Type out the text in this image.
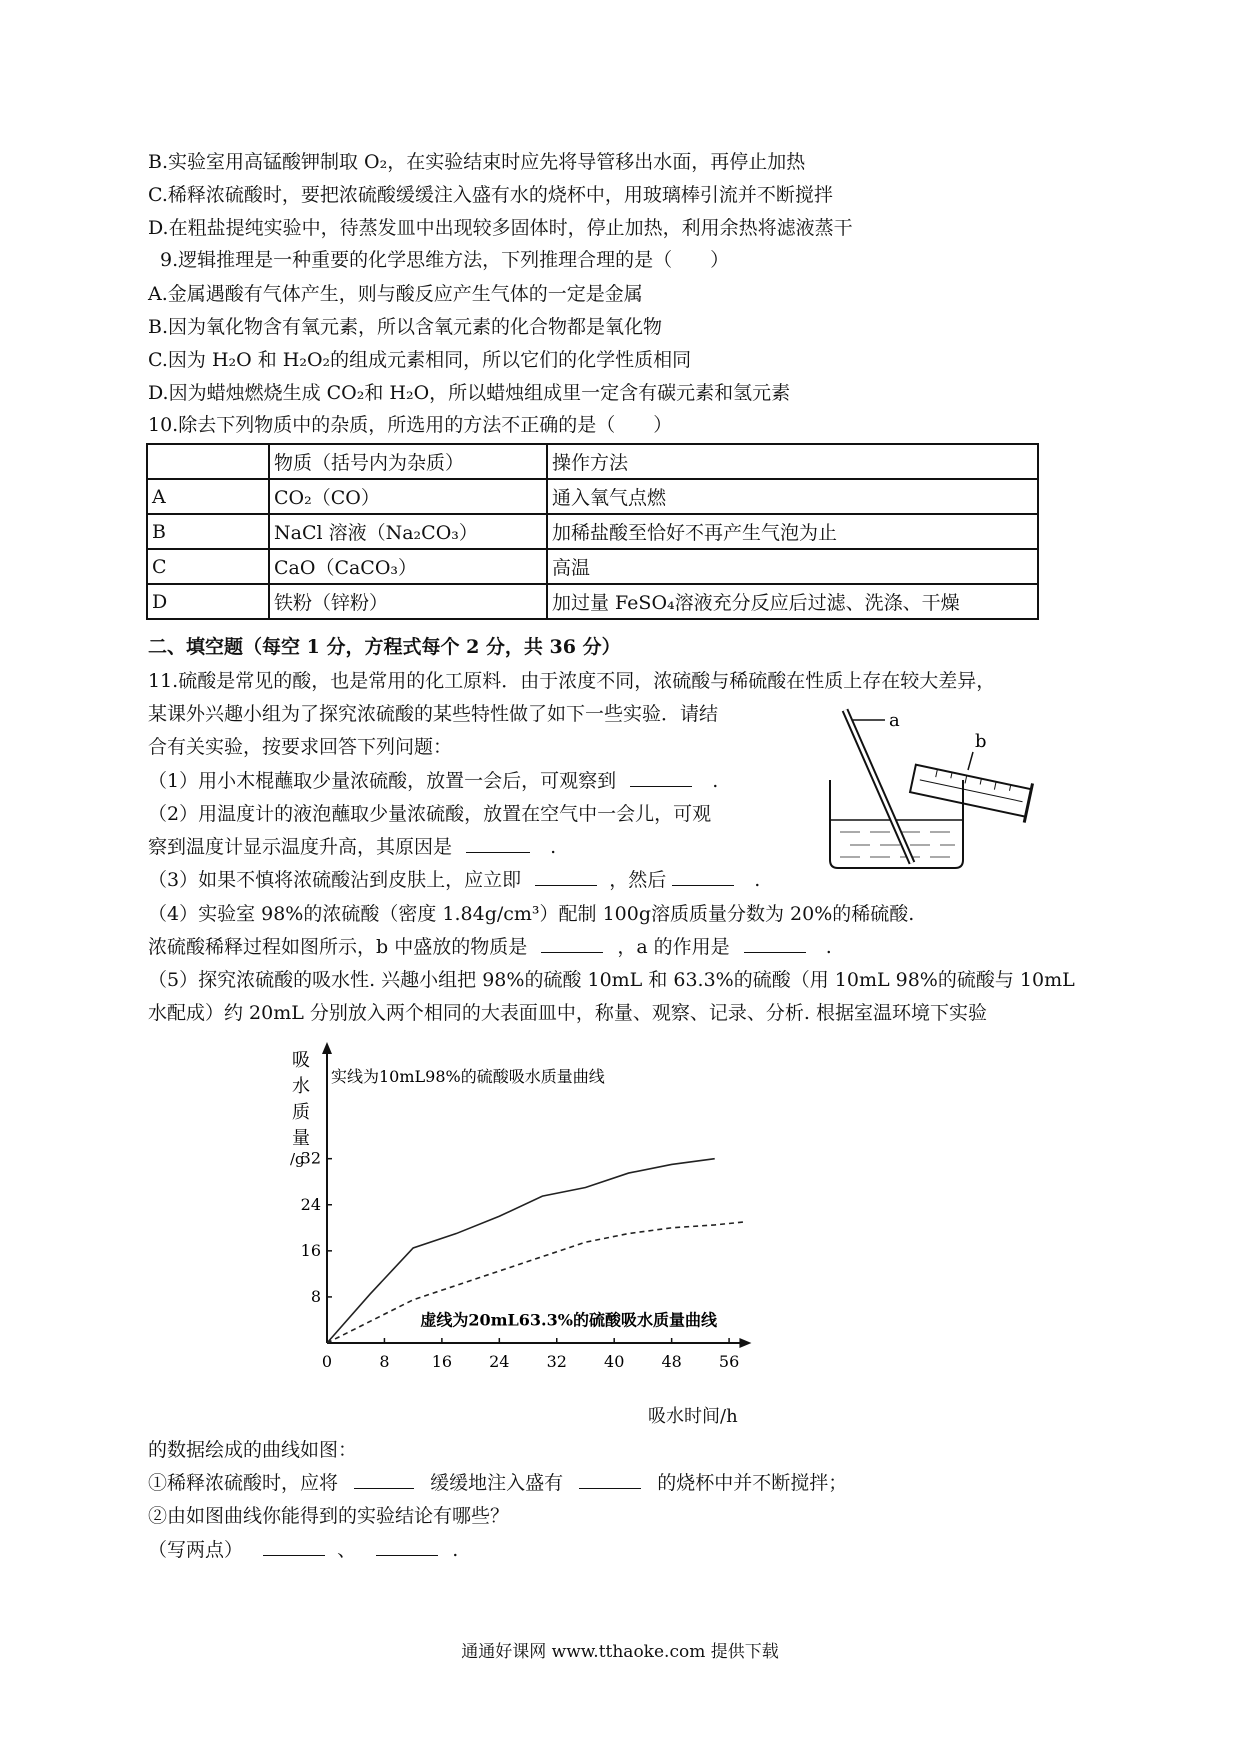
B.实验室用高锰酸钾制取 O₂，在实验结束时应先将导管移出水面，再停止加热
C.稀释浓硫酸时，要把浓硫酸缓缓注入盛有水的烧杯中，用玻璃棒引流并不断搅拌
D.在粗盐提纯实验中，待蒸发皿中出现较多固体时，停止加热，利用余热将滤液蒸干
9.逻辑推理是一种重要的化学思维方法，下列推理合理的是（　　）
A.金属遇酸有气体产生，则与酸反应产生气体的一定是金属
B.因为氧化物含有氧元素，所以含氧元素的化合物都是氧化物
C.因为 H₂O 和 H₂O₂的组成元素相同，所以它们的化学性质相同
D.因为蜡烛燃烧生成 CO₂和 H₂O，所以蜡烛组成里一定含有碳元素和氢元素
10.除去下列物质中的杂质，所选用的方法不正确的是（　　）
	物质（括号内为杂质）	操作方法
A	CO₂（CO）	通入氧气点燃
B	NaCl 溶液（Na₂CO₃）	加稀盐酸至恰好不再产生气泡为止
C	CaO（CaCO₃）	高温
D	铁粉（锌粉）	加过量 FeSO₄溶液充分反应后过滤、洗涤、干燥
二、填空题（每空 1 分，方程式每个 2 分，共 36 分）
11.硫酸是常见的酸，也是常用的化工原料．由于浓度不同，浓硫酸与稀硫酸在性质上存在较大差异，
某课外兴趣小组为了探究浓硫酸的某些特性做了如下一些实验．请结
合有关实验，按要求回答下列问题：
（1）用小木棍蘸取少量浓硫酸，放置一会后，可观察到	.
（2）用温度计的液泡蘸取少量浓硫酸，放置在空气中一会儿，可观
察到温度计显示温度升高，其原因是	.
（3）如果不慎将浓硫酸沾到皮肤上，应立即	，然后	.
（4）实验室 98%的浓硫酸（密度 1.84g/cm³）配制 100g溶质质量分数为 20%的稀硫酸.
浓硫酸稀释过程如图所示，b 中盛放的物质是	，a 的作用是	.
（5）探究浓硫酸的吸水性. 兴趣小组把 98%的硫酸 10mL 和 63.3%的硫酸（用 10mL 98%的硫酸与 10mL
水配成）约 20mL 分别放入两个相同的大表面皿中，称量、观察、记录、分析. 根据室温环境下实验
a
b
吸
水
质
量
/g
0	8	16 24 32 40 48 56
8
16
24
32
实线为10mL98%的硫酸吸水质量曲线
虚线为20mL63.3%的硫酸吸水质量曲线
吸水时间/h
的数据绘成的曲线如图：
①稀释浓硫酸时，应将	缓缓地注入盛有	的烧杯中并不断搅拌；
②由如图曲线你能得到的实验结论有哪些？
（写两点）	、	.
通通好课网 www.tthaoke.com 提供下载
